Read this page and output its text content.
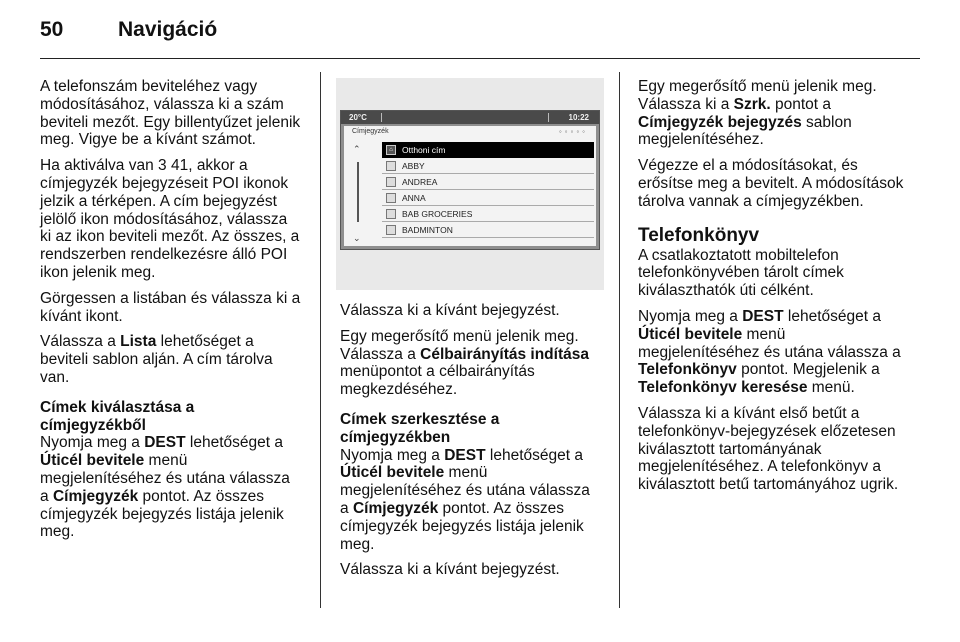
50	Navigáció

A telefonszám beviteléhez vagy módosításához, válassza ki a szám beviteli mezőt. Egy billentyűzet jelenik meg. Vigye be a kívánt számot.

Ha aktiválva van 3 41, akkor a címjegyzék bejegyzéseit POI ikonok jelzik a térképen. A cím bejegyzést jelölő ikon módosításához, válassza ki az ikon beviteli mezőt. Az összes, a rendszerben rendelkezésre álló POI ikon jelenik meg.

Görgessen a listában és válassza ki a kívánt ikont.

Válassza a Lista lehetőséget a beviteli sablon alján. A cím tárolva van.

Címek kiválasztása a címjegyzékből

Nyomja meg a DEST lehetőséget a Úticél bevitele menü megjelenítéséhez és utána válassza a Címjegyzék pontot. Az összes címjegyzék bejegyzés listája jelenik meg.

20°C	10:22
Címjegyzék	◦◦◦◦◦
⌃
⌄
⌂	Otthoni cím
ABBY
ANDREA
ANNA
BAB GROCERIES
BADMINTON

Válassza ki a kívánt bejegyzést.

Egy megerősítő menü jelenik meg. Válassza a Célbairányítás indítása menüpontot a célbairányítás megkezdéséhez.

Címek szerkesztése a címjegyzékben

Nyomja meg a DEST lehetőséget a Úticél bevitele menü megjelenítéséhez és utána válassza a Címjegyzék pontot. Az összes címjegyzék bejegyzés listája jelenik meg.

Válassza ki a kívánt bejegyzést.

Egy megerősítő menü jelenik meg. Válassza ki a Szrk. pontot a Címjegyzék bejegyzés sablon megjelenítéséhez.

Végezze el a módosításokat, és erősítse meg a bevitelt. A módosítások tárolva vannak a címjegyzékben.

Telefonkönyv

A csatlakoztatott mobiltelefon telefonkönyvében tárolt címek kiválaszthatók úti célként.

Nyomja meg a DEST lehetőséget a Úticél bevitele menü megjelenítéséhez és utána válassza a Telefonkönyv pontot. Megjelenik a Telefonkönyv keresése menü.

Válassza ki a kívánt első betűt a telefonkönyv-bejegyzések előzetesen kiválasztott tartományának megjelenítéséhez. A telefonkönyv a kiválasztott betű tartományához ugrik.
